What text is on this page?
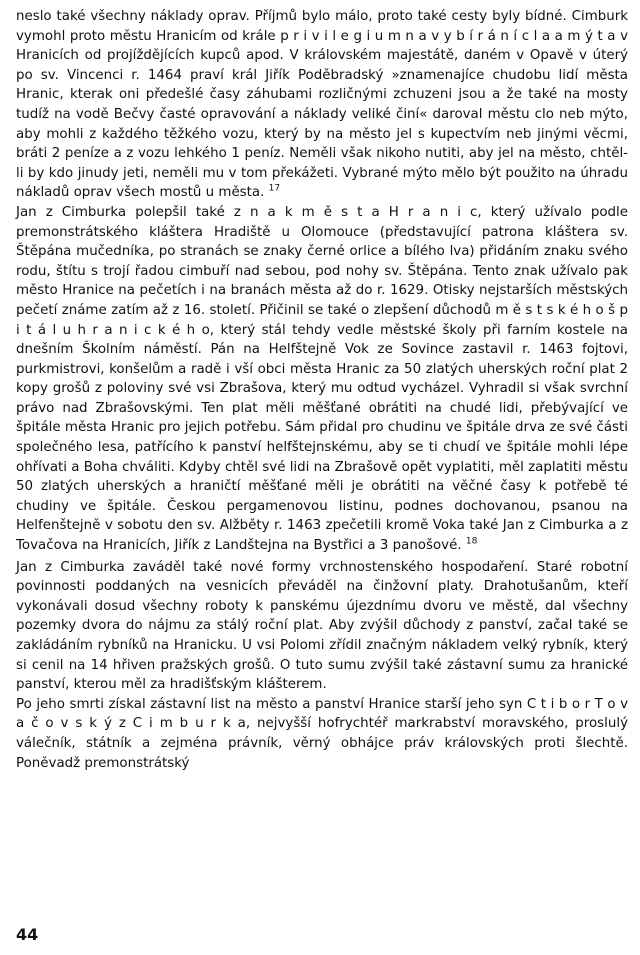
neslo také všechny náklady oprav. Příjmů bylo málo, proto také cesty byly bídné. Cimburk vymohl proto městu Hranicím od krále p r i v i l e g i u m n a v y b í r á n í c l a a m ý t a v Hranicích od projíždějících kupců apod. V královském majestátě, daném v Opavě v úterý po sv. Vincenci r. 1464 praví král Jiřík Poděbradský »znamenajíce chudobu lidí města Hranic, kterak oni předešlé časy záhubami rozličnými zchuzeni jsou a že také na mosty tudíž na vodě Bečvy časté opravování a náklady veliké činí« daroval městu clo neb mýto, aby mohli z každého těžkého vozu, který by na město jel s kupectvím neb jinými věcmi, bráti 2 peníze a z vozu lehkého 1 peníz. Neměli však nikoho nutiti, aby jel na město, chtěl-li by kdo jinudy jeti, neměli mu v tom překážeti. Vybrané mýto mělo být použito na úhradu nákladů oprav všech mostů u města. $^{17}$

Jan z Cimburka polepšil také z n a k m ě s t a H r a n i c, který užívalo podle premonstrátského kláštera Hradiště u Olomouce (představující patrona kláštera sv. Štěpána mučedníka, po stranách se znaky černé orlice a bílého lva) přidáním znaku svého rodu, štítu s trojí řadou cimbuří nad sebou, pod nohy sv. Štěpána. Tento znak užívalo pak město Hranice na pečetích i na branách města až do r. 1629. Otisky nejstarších městských pečetí známe zatím až z 16. století. Přičinil se také o zlepšení důchodů m ě s t s k é h o š p i t á l u h r a n i c k é h o, který stál tehdy vedle městské školy při farním kostele na dnešním Školním náměstí. Pán na Helfštejně Vok ze Sovince zastavil r. 1463 fojtovi, purkmistrovi, konšelům a radě i vší obci města Hranic za 50 zlatých uherských roční plat 2 kopy grošů z poloviny své vsi Zbrašova, který mu odtud vycházel. Vyhradil si však svrchní právo nad Zbrašovskými. Ten plat měli měšťané obrátiti na chudé lidi, přebývající ve špitále města Hranic pro jejich potřebu. Sám přidal pro chudinu ve špitále drva ze své části společného lesa, patřícího k panství helfštejnskému, aby se ti chudí ve špitále mohli lépe ohřívati a Boha chváliti. Kdyby chtěl své lidi na Zbrašově opět vyplatiti, měl zaplatiti městu 50 zlatých uherských a hraničtí měšťané měli je obrátiti na věčné časy k potřebě té chudiny ve špitále. Českou pergamenovou listinu, podnes dochovanou, psanou na Helfenštejně v sobotu den sv. Alžběty r. 1463 zpečetili kromě Voka také Jan z Cimburka a z Tovačova na Hranicích, Jiřík z Landštejna na Bystřici a 3 panošové. $^{18}$

Jan z Cimburka zaváděl také nové formy vrchnostenského hospodaření. Staré robotní povinnosti poddaných na vesnicích převáděl na činžovní platy. Drahotušanům, kteří vykonávali dosud všechny roboty k panskému újezdnímu dvoru ve městě, dal všechny pozemky dvora do nájmu za stálý roční plat. Aby zvýšil důchody z panství, začal také se zakládáním rybníků na Hranicku. U vsi Polomi zřídil značným nákladem velký rybník, který si cenil na 14 hřiven pražských grošů. O tuto sumu zvýšil také zástavní sumu za hranické panství, kterou měl za hradišťským klášterem.

Po jeho smrti získal zástavní list na město a panství Hranice starší jeho syn C t i b o r T o v a č o v s k ý z C i m b u r k a, nejvyšší hofrychtéř markrabství moravského, proslulý válečník, státník a zejména právník, věrný obhájce práv královských proti šlechtě. Poněvadž premonstrátský

44
